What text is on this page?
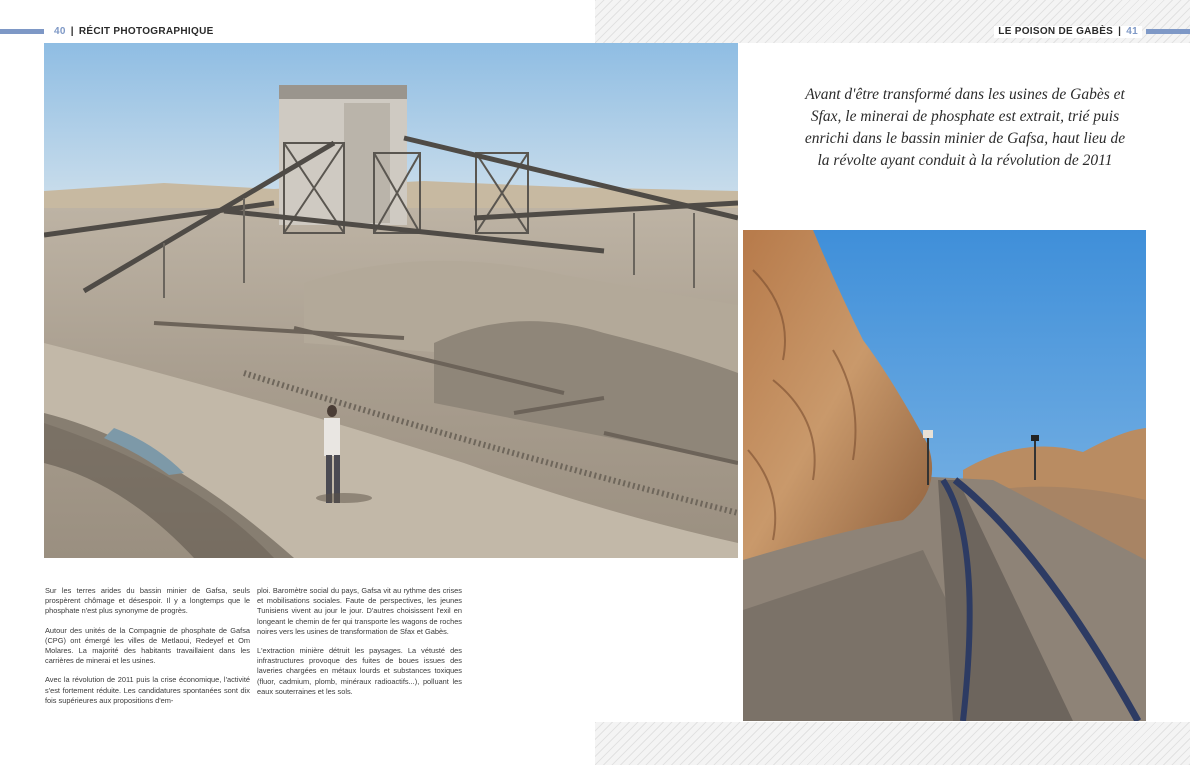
40 | RÉCIT PHOTOGRAPHIQUE	LE POISON DE GABÈS | 41
Avant d'être transformé dans les usines de Gabès et Sfax, le minerai de phosphate est extrait, trié puis enrichi dans le bassin minier de Gafsa, haut lieu de la révolte ayant conduit à la révolution de 2011

Sur les terres arides du bassin minier de Gafsa, seuls prospèrent chômage et désespoir. Il y a longtemps que le phosphate n'est plus synonyme de progrès.

Autour des unités de la Compagnie de phosphate de Gafsa (CPG) ont émergé les villes de Metlaoui, Redeyef et Om Molares. La majorité des habitants travaillaient dans les carrières de minerai et les usines.

Avec la révolution de 2011 puis la crise économique, l'activité s'est fortement réduite. Les candidatures spontanées sont dix fois supérieures aux propositions d'em-

ploi. Baromètre social du pays, Gafsa vit au rythme des crises et mobilisations sociales. Faute de perspectives, les jeunes Tunisiens vivent au jour le jour. D'autres choisissent l'exil en longeant le chemin de fer qui transporte les wagons de roches noires vers les usines de transformation de Sfax et Gabès.

L'extraction minière détruit les paysages. La vétusté des infrastructures provoque des fuites de boues issues des laveries chargées en métaux lourds et substances toxiques (fluor, cadmium, plomb, minéraux radioactifs...), polluant les eaux souterraines et les sols.
